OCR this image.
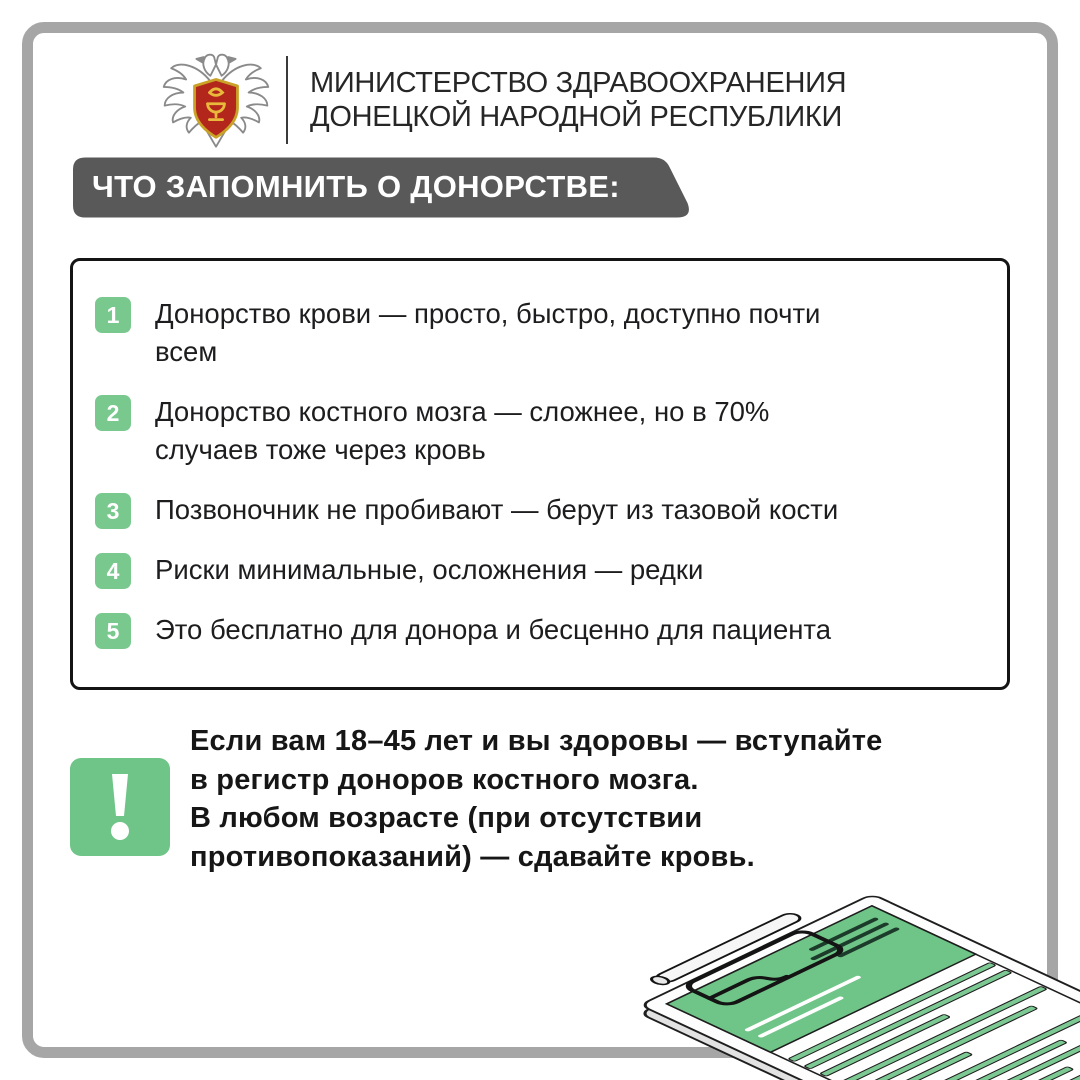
МИНИСТЕРСТВО ЗДРАВООХРАНЕНИЯ
ДОНЕЦКОЙ НАРОДНОЙ РЕСПУБЛИКИ
ЧТО ЗАПОМНИТЬ О ДОНОРСТВЕ:
1	Донорство крови — просто, быстро, доступно почти
всем
2	Донорство костного мозга — сложнее, но в 70%
случаев тоже через кровь
3	Позвоночник не пробивают — берут из тазовой кости
4	Риски минимальные, осложнения — редки
5	Это бесплатно для донора и бесценно для пациента
Если вам 18–45 лет и вы здоровы — вступайте
в регистр доноров костного мозга.
В любом возрасте (при отсутствии
противопоказаний) — сдавайте кровь.
